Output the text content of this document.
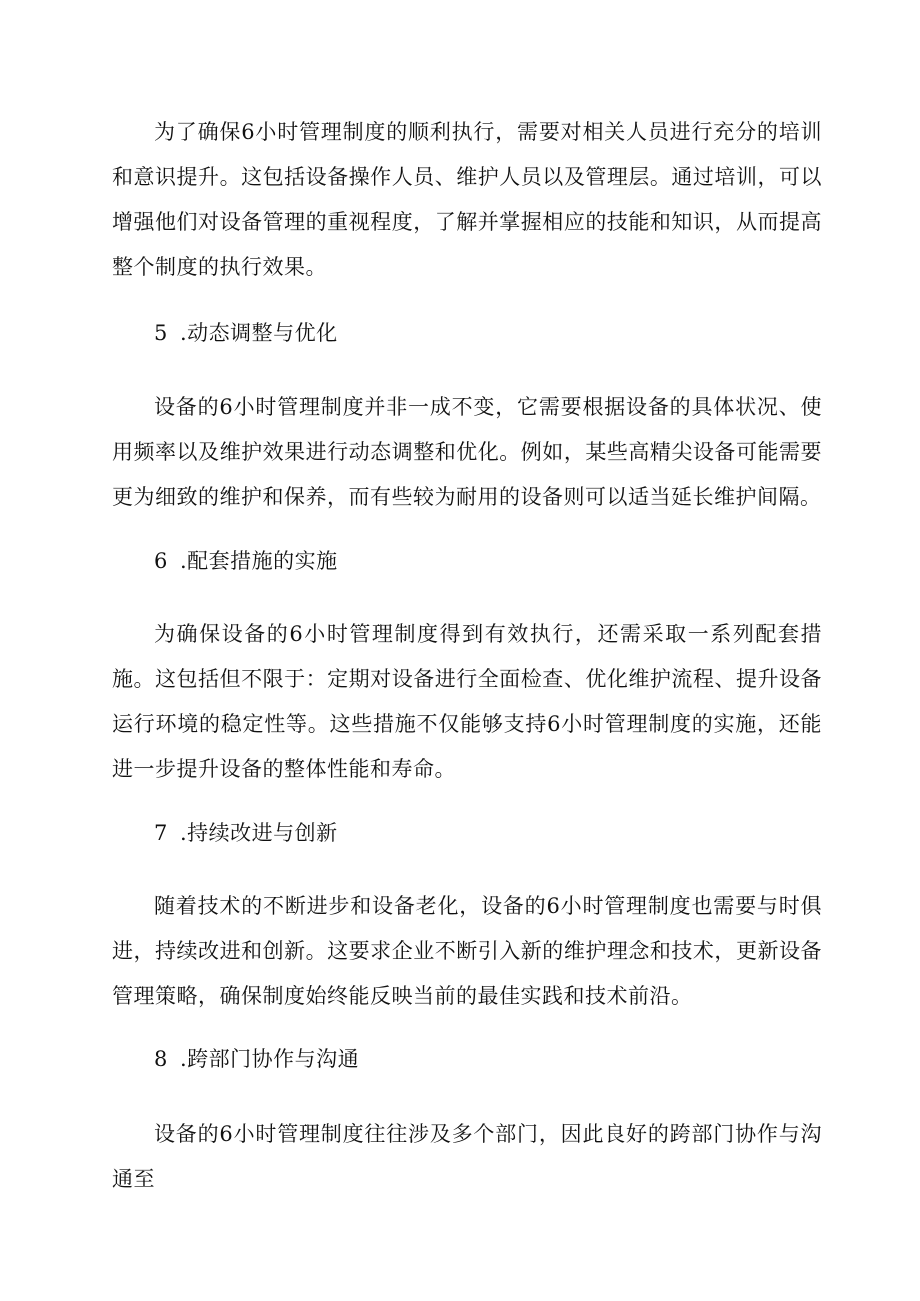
为了确保6小时管理制度的顺利执行，需要对相关人员进行充分的培训和意识提升。这包括设备操作人员、维护人员以及管理层。通过培训，可以增强他们对设备管理的重视程度，了解并掌握相应的技能和知识，从而提高整个制度的执行效果。

5 .动态调整与优化

设备的6小时管理制度并非一成不变，它需要根据设备的具体状况、使用频率以及维护效果进行动态调整和优化。例如，某些高精尖设备可能需要更为细致的维护和保养，而有些较为耐用的设备则可以适当延长维护间隔。

6 .配套措施的实施

为确保设备的6小时管理制度得到有效执行，还需采取一系列配套措施。这包括但不限于：定期对设备进行全面检查、优化维护流程、提升设备运行环境的稳定性等。这些措施不仅能够支持6小时管理制度的实施，还能进一步提升设备的整体性能和寿命。

7 .持续改进与创新

随着技术的不断进步和设备老化，设备的6小时管理制度也需要与时俱进，持续改进和创新。这要求企业不断引入新的维护理念和技术，更新设备管理策略，确保制度始终能反映当前的最佳实践和技术前沿。

8 .跨部门协作与沟通

设备的6小时管理制度往往涉及多个部门，因此良好的跨部门协作与沟通至
